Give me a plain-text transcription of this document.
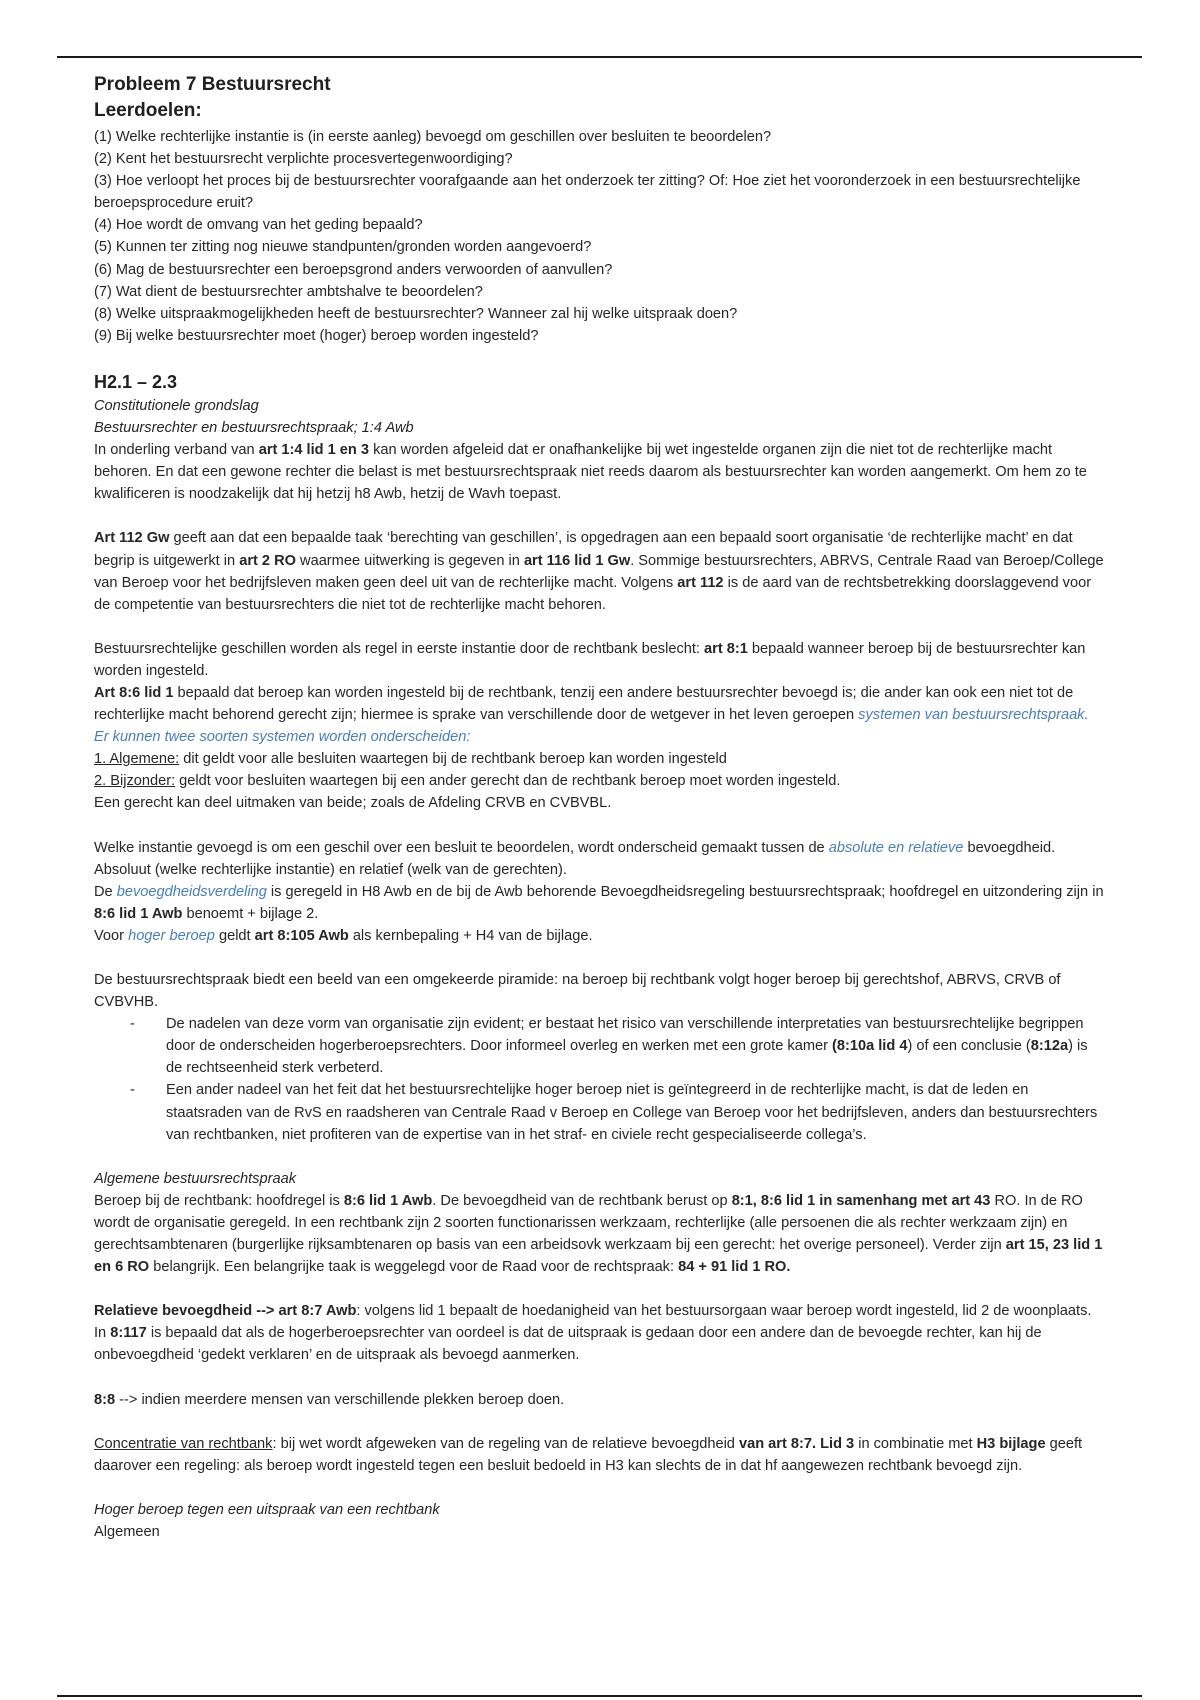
Probleem 7 Bestuursrecht
Leerdoelen:
(1) Welke rechterlijke instantie is (in eerste aanleg) bevoegd om geschillen over besluiten te beoordelen?
(2) Kent het bestuursrecht verplichte procesvertegenwoordiging?
(3) Hoe verloopt het proces bij de bestuursrechter voorafgaande aan het onderzoek ter zitting? Of: Hoe ziet het vooronderzoek in een bestuursrechtelijke beroepsprocedure eruit?
(4) Hoe wordt de omvang van het geding bepaald?
(5) Kunnen ter zitting nog nieuwe standpunten/gronden worden aangevoerd?
(6) Mag de bestuursrechter een beroepsgrond anders verwoorden of aanvullen?
(7) Wat dient de bestuursrechter ambtshalve te beoordelen?
(8) Welke uitspraakmogelijkheden heeft de bestuursrechter? Wanneer zal hij welke uitspraak doen?
(9) Bij welke bestuursrechter moet (hoger) beroep worden ingesteld?
H2.1 – 2.3

Constitutionele grondslag

Bestuursrechter en bestuursrechtspraak; 1:4 Awb

In onderling verband van art 1:4 lid 1 en 3 kan worden afgeleid dat er onafhankelijke bij wet ingestelde organen zijn die niet tot de rechterlijke macht behoren. En dat een gewone rechter die belast is met bestuursrechtspraak niet reeds daarom als bestuursrechter kan worden aangemerkt. Om hem zo te kwalificeren is noodzakelijk dat hij hetzij h8 Awb, hetzij de Wavh toepast.

Art 112 Gw geeft aan dat een bepaalde taak ‘berechting van geschillen’, is opgedragen aan een bepaald soort organisatie ‘de rechterlijke macht’ en dat begrip is uitgewerkt in art 2 RO waarmee uitwerking is gegeven in art 116 lid 1 Gw. Sommige bestuursrechters, ABRVS, Centrale Raad van Beroep/College van Beroep voor het bedrijfsleven maken geen deel uit van de rechterlijke macht. Volgens art 112 is de aard van de rechtsbetrekking doorslaggevend voor de competentie van bestuursrechters die niet tot de rechterlijke macht behoren.

Bestuursrechtelijke geschillen worden als regel in eerste instantie door de rechtbank beslecht: art 8:1 bepaald wanneer beroep bij de bestuursrechter kan worden ingesteld.

Art 8:6 lid 1 bepaald dat beroep kan worden ingesteld bij de rechtbank, tenzij een andere bestuursrechter bevoegd is; die ander kan ook een niet tot de rechterlijke macht behorend gerecht zijn; hiermee is sprake van verschillende door de wetgever in het leven geroepen systemen van bestuursrechtspraak. Er kunnen twee soorten systemen worden onderscheiden:

1. Algemene: dit geldt voor alle besluiten waartegen bij de rechtbank beroep kan worden ingesteld

2. Bijzonder: geldt voor besluiten waartegen bij een ander gerecht dan de rechtbank beroep moet worden ingesteld.

Een gerecht kan deel uitmaken van beide; zoals de Afdeling CRVB en CVBVBL.

Welke instantie gevoegd is om een geschil over een besluit te beoordelen, wordt onderscheid gemaakt tussen de absolute en relatieve bevoegdheid. Absoluut (welke rechterlijke instantie) en relatief (welk van de gerechten).

De bevoegdheidsverdeling is geregeld in H8 Awb en de bij de Awb behorende Bevoegdheidsregeling bestuursrechtspraak; hoofdregel en uitzondering zijn in 8:6 lid 1 Awb benoemt + bijlage 2.

Voor hoger beroep geldt art 8:105 Awb als kernbepaling + H4 van de bijlage.

De bestuursrechtspraak biedt een beeld van een omgekeerde piramide: na beroep bij rechtbank volgt hoger beroep bij gerechtshof, ABRVS, CRVB of CVBVHB.

- De nadelen van deze vorm van organisatie zijn evident; er bestaat het risico van verschillende interpretaties van bestuursrechtelijke begrippen door de onderscheiden hogerberoepsrechters. Door informeel overleg en werken met een grote kamer (8:10a lid 4) of een conclusie (8:12a) is de rechtseenheid sterk verbeterd.
- Een ander nadeel van het feit dat het bestuursrechtelijke hoger beroep niet is geïntegreerd in de rechterlijke macht, is dat de leden en staatsraden van de RvS en raadsheren van Centrale Raad v Beroep en College van Beroep voor het bedrijfsleven, anders dan bestuursrechters van rechtbanken, niet profiteren van de expertise van in het straf- en civiele recht gespecialiseerde collega’s.

Algemene bestuursrechtspraak

Beroep bij de rechtbank: hoofdregel is 8:6 lid 1 Awb. De bevoegdheid van de rechtbank berust op 8:1, 8:6 lid 1 in samenhang met art 43 RO. In de RO wordt de organisatie geregeld. In een rechtbank zijn 2 soorten functionarissen werkzaam, rechterlijke (alle persoenen die als rechter werkzaam zijn) en gerechtsambtenaren (burgerlijke rijksambtenaren op basis van een arbeidsovk werkzaam bij een gerecht: het overige personeel). Verder zijn art 15, 23 lid 1 en 6 RO belangrijk. Een belangrijke taak is weggelegd voor de Raad voor de rechtspraak: 84 + 91 lid 1 RO.

Relatieve bevoegdheid --> art 8:7 Awb: volgens lid 1 bepaalt de hoedanigheid van het bestuursorgaan waar beroep wordt ingesteld, lid 2 de woonplaats. In 8:117 is bepaald dat als de hogerberoepsrechter van oordeel is dat de uitspraak is gedaan door een andere dan de bevoegde rechter, kan hij de onbevoegdheid ‘gedekt verklaren’ en de uitspraak als bevoegd aanmerken.

8:8 --> indien meerdere mensen van verschillende plekken beroep doen.

Concentratie van rechtbank: bij wet wordt afgeweken van de regeling van de relatieve bevoegdheid van art 8:7. Lid 3 in combinatie met H3 bijlage geeft daarover een regeling: als beroep wordt ingesteld tegen een besluit bedoeld in H3 kan slechts de in dat hf aangewezen rechtbank bevoegd zijn.

Hoger beroep tegen een uitspraak van een rechtbank

Algemeen
